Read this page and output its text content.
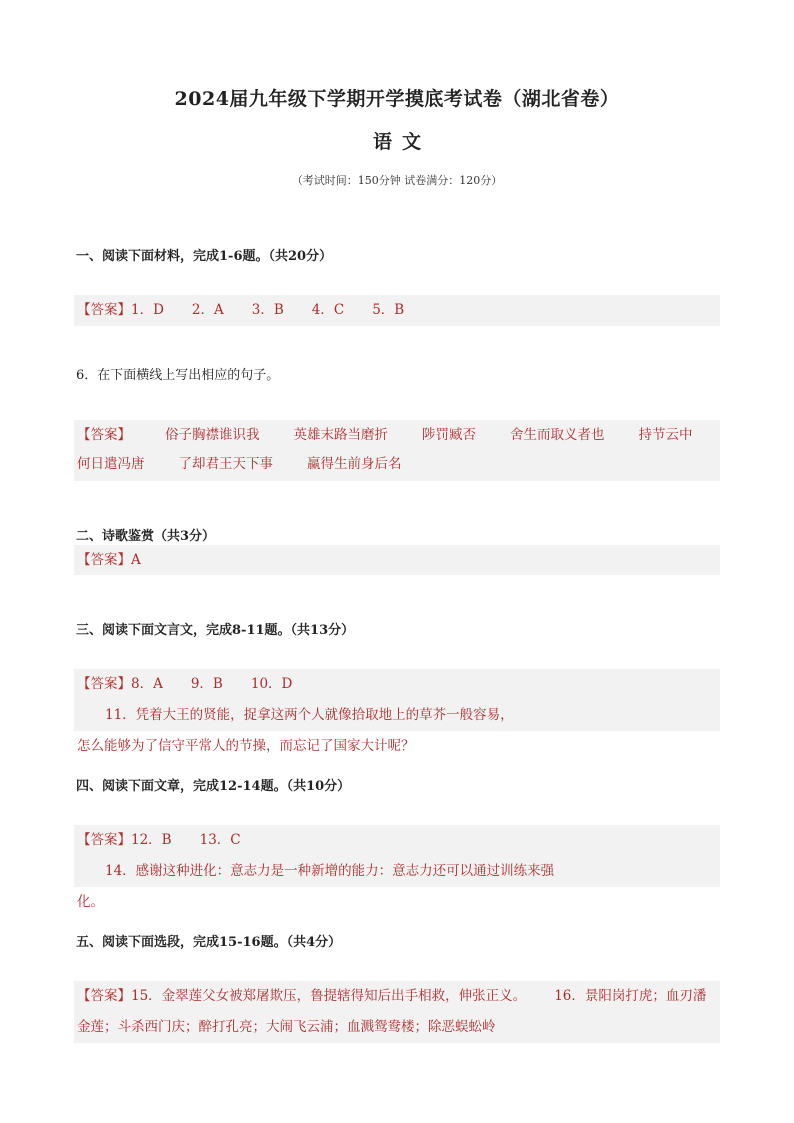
2024届九年级下学期开学摸底考试卷（湖北省卷）
语文
（考试时间：150分钟 试卷满分：120分）
一、阅读下面材料，完成1-6题。（共20分）
【答案】1．D 2．A 3．B 4．C 5．B
6．在下面横线上写出相应的句子。
【答案】	俗子胸襟谁识我	英雄末路当磨折	陟罚臧否	舍生而取义者也	持节云中
何日遣冯唐	了却君王天下事	赢得生前身后名
二、诗歌鉴赏（共3分）
【答案】A
三、阅读下面文言文，完成8-11题。（共13分）
【答案】8．A 9．B 10．D11．凭着大王的贤能，捉拿这两个人就像拾取地上的草芥一般容易，
怎么能够为了信守平常人的节操，而忘记了国家大计呢？
四、阅读下面文章，完成12-14题。（共10分）
【答案】12．B 13．C14．感谢这种进化：意志力是一种新增的能力：意志力还可以通过训练来强
化。
五、阅读下面选段，完成15-16题。（共4分）
【答案】15．金翠莲父女被郑屠欺压，鲁提辖得知后出手相救，伸张正义。 16．景阳岗打虎；血刃潘
金莲；斗杀西门庆；醉打孔亮；大闹飞云浦；血溅鸳鸯楼；除恶蜈蚣岭
